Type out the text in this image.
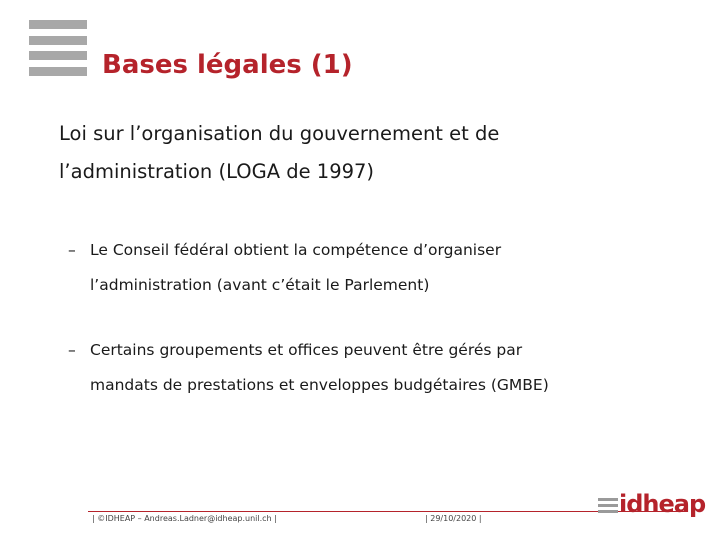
Bases légales (1)
Loi sur l’organisation du gouvernement et de
l’administration (LOGA de 1997)
– Le Conseil fédéral obtient la compétence d’organiser
l’administration (avant c’était le Parlement)
– Certains groupements et offices peuvent être gérés par
mandats de prestations et enveloppes budgétaires (GMBE)
| ©IDHEAP – Andreas.Ladner@idheap.unil.ch |	| 29/10/2020 |
idheap
